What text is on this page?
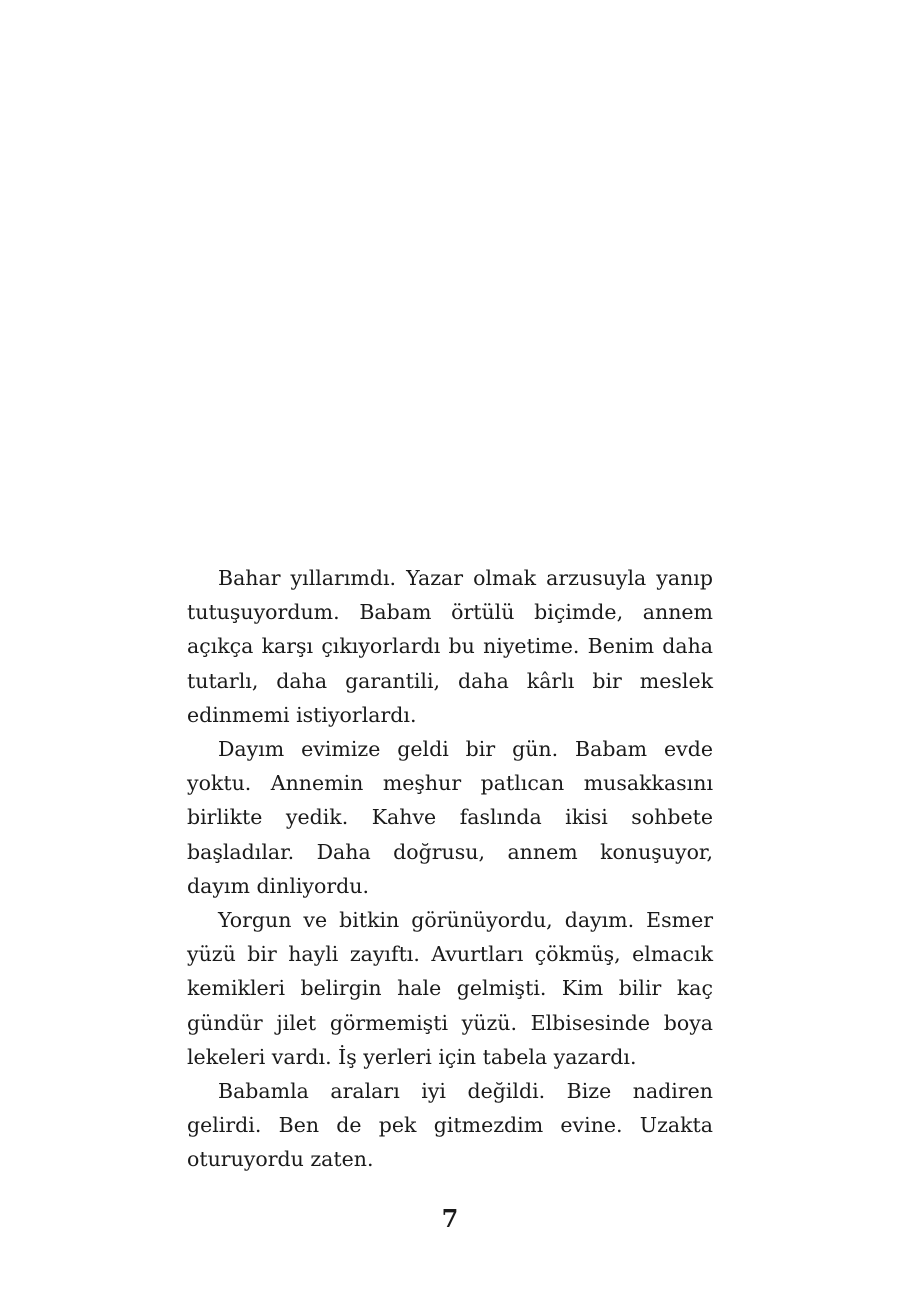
Bahar yıllarımdı. Yazar olmak arzusuyla yanıp tutuşuyordum. Babam örtülü biçimde, annem açıkça karşı çıkıyorlardı bu niyetime. Benim daha tutarlı, daha garantili, daha kârlı bir meslek edinmemi istiyorlardı.

Dayım evimize geldi bir gün. Babam evde yoktu. Annemin meşhur patlıcan musakkasını birlikte yedik. Kahve faslında ikisi sohbete başladılar. Daha doğrusu, annem konuşuyor, dayım dinliyordu.

Yorgun ve bitkin görünüyordu, dayım. Esmer yüzü bir hayli zayıftı. Avurtları çökmüş, elmacık kemikleri belirgin hale gelmişti. Kim bilir kaç gündür jilet görmemişti yüzü. Elbisesinde boya lekeleri vardı. İş yerleri için tabela yazardı.

Babamla araları iyi değildi. Bize nadiren gelirdi. Ben de pek gitmezdim evine. Uzakta oturuyordu zaten.

7
